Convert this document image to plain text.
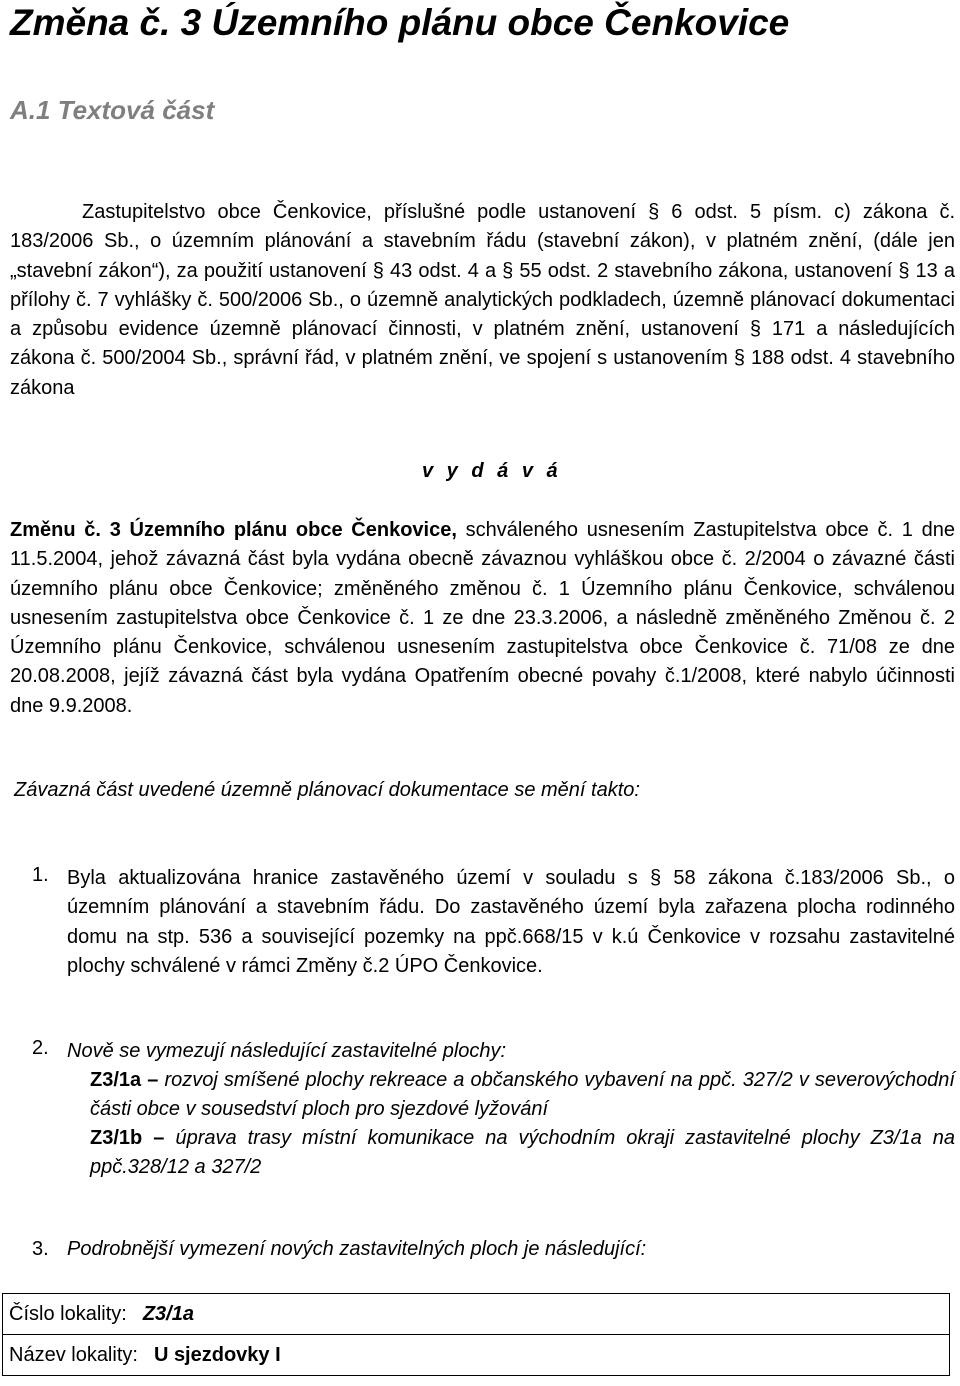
Změna č. 3 Územního plánu obce Čenkovice
A.1 Textová část
Zastupitelstvo obce Čenkovice, příslušné podle ustanovení § 6 odst. 5 písm. c) zákona č. 183/2006 Sb., o územním plánování a stavebním řádu (stavební zákon), v platném znění, (dále jen „stavební zákon“), za použití ustanovení § 43 odst. 4 a § 55 odst. 2 stavebního zákona, ustanovení § 13 a přílohy č. 7 vyhlášky č. 500/2006 Sb., o územně analytických podkladech, územně plánovací dokumentaci a způsobu evidence územně plánovací činnosti, v platném znění, ustanovení § 171 a následujících zákona č. 500/2004 Sb., správní řád, v platném znění, ve spojení s ustanovením § 188 odst. 4 stavebního zákona
v y d á v á
Změnu č. 3 Územního plánu obce Čenkovice, schváleného usnesením Zastupitelstva obce č. 1 dne 11.5.2004, jehož závazná část byla vydána obecně závaznou vyhláškou obce č. 2/2004 o závazné části územního plánu obce Čenkovice; změněného změnou č. 1 Územního plánu Čenkovice, schválenou usnesením zastupitelstva obce Čenkovice č. 1 ze dne 23.3.2006, a následně změněného Změnou č. 2 Územního plánu Čenkovice, schválenou usnesením zastupitelstva obce Čenkovice č. 71/08 ze dne 20.08.2008, jejíž závazná část byla vydána Opatřením obecné povahy č.1/2008, které nabylo účinnosti dne 9.9.2008.
Závazná část uvedené územně plánovací dokumentace se mění takto:
1. Byla aktualizována hranice zastavěného území v souladu s § 58 zákona č.183/2006 Sb., o územním plánování a stavebním řádu. Do zastavěného území byla zařazena plocha rodinného domu na stp. 536 a související pozemky na ppč.668/15 v k.ú Čenkovice v rozsahu zastavitelné plochy schválené v rámci Změny č.2 ÚPO Čenkovice.
2. Nově se vymezují následující zastavitelné plochy:
Z3/1a – rozvoj smíšené plochy rekreace a občanského vybavení na ppč. 327/2 v severovýchodní části obce v sousedství ploch pro sjezdové lyžování
Z3/1b – úprava trasy místní komunikace na východním okraji zastavitelné plochy Z3/1a na ppč.328/12 a 327/2
3. Podrobnější vymezení nových zastavitelných ploch je následující:
Číslo lokality: Z3/1a
Název lokality: U sjezdovky I
